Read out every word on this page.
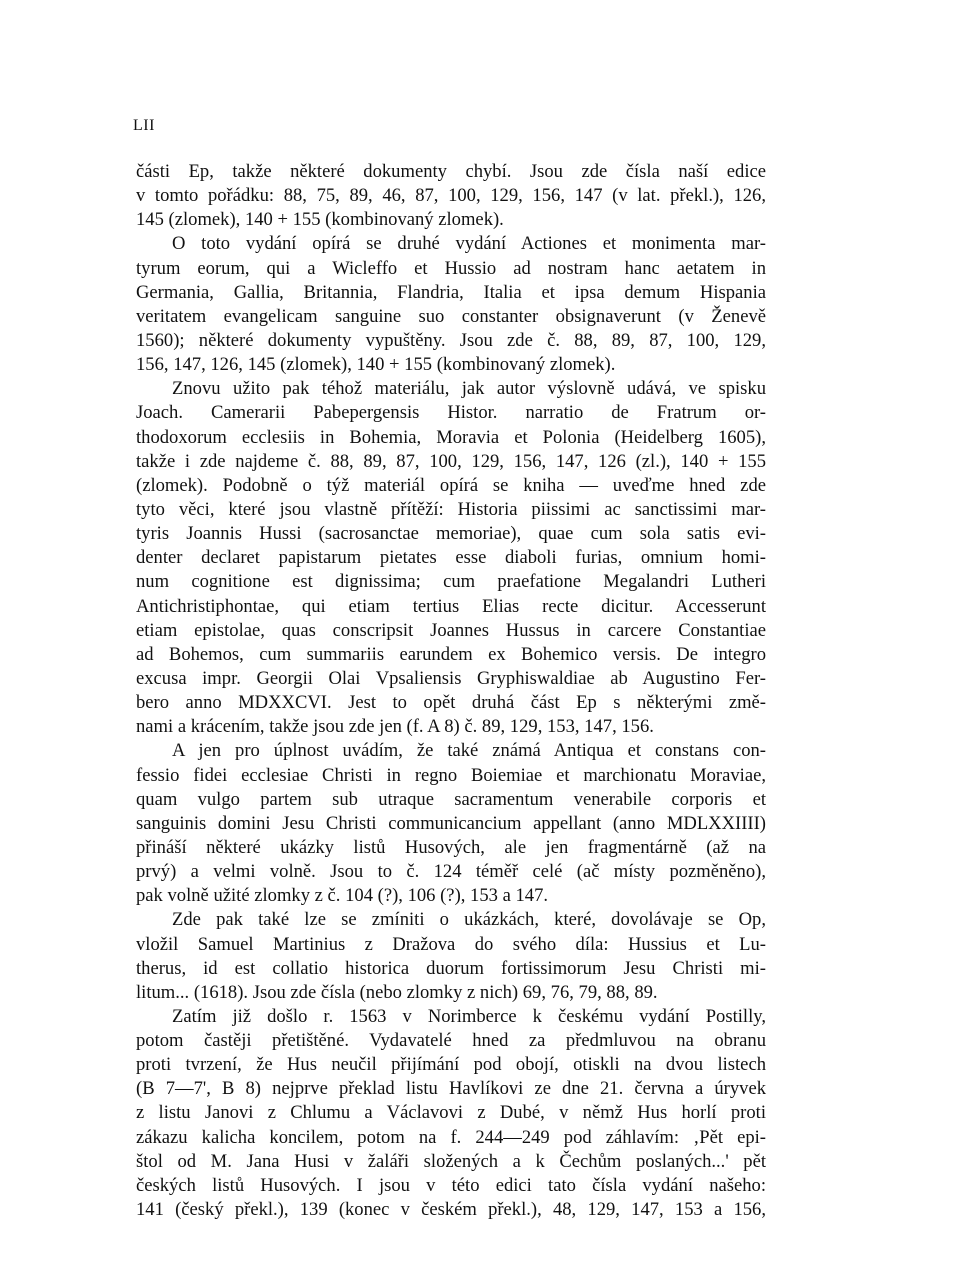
LII
části Ep, takže některé dokumenty chybí. Jsou zde čísla naší edice
v tomto pořádku: 88, 75, 89, 46, 87, 100, 129, 156, 147 (v lat. překl.), 126,
145 (zlomek), 140 + 155 (kombinovaný zlomek).
O toto vydání opírá se druhé vydání Actiones et monimenta mar-
tyrum eorum, qui a Wicleffo et Hussio ad nostram hanc aetatem in
Germania, Gallia, Britannia, Flandria, Italia et ipsa demum Hispania
veritatem evangelicam sanguine suo constanter obsignaverunt (v Ženevě
1560); některé dokumenty vypuštěny. Jsou zde č. 88, 89, 87, 100, 129,
156, 147, 126, 145 (zlomek), 140 + 155 (kombinovaný zlomek).
Znovu užito pak téhož materiálu, jak autor výslovně udává, ve spisku
Joach. Camerarii Pabepergensis Histor. narratio de Fratrum or-
thodoxorum ecclesiis in Bohemia, Moravia et Polonia (Heidelberg 1605),
takže i zde najdeme č. 88, 89, 87, 100, 129, 156, 147, 126 (zl.), 140 + 155
(zlomek). Podobně o týž materiál opírá se kniha — uveďme hned zde
tyto věci, které jsou vlastně přítěží: Historia piissimi ac sanctissimi mar-
tyris Joannis Hussi (sacrosanctae memoriae), quae cum sola satis evi-
denter declaret papistarum pietates esse diaboli furias, omnium homi-
num cognitione est dignissima; cum praefatione Megalandri Lutheri
Antichristiphontae, qui etiam tertius Elias recte dicitur. Accesserunt
etiam epistolae, quas conscripsit Joannes Hussus in carcere Constantiae
ad Bohemos, cum summariis earundem ex Bohemico versis. De integro
excusa impr. Georgii Olai Vpsaliensis Gryphiswaldiae ab Augustino Fer-
bero anno MDXXCVI. Jest to opět druhá část Ep s některými změ-
nami a krácením, takže jsou zde jen (f. A 8) č. 89, 129, 153, 147, 156.
A jen pro úplnost uvádím, že také známá Antiqua et constans con-
fessio fidei ecclesiae Christi in regno Boiemiae et marchionatu Moraviae,
quam vulgo partem sub utraque sacramentum venerabile corporis et
sanguinis domini Jesu Christi communicancium appellant (anno MDLXXIIII)
přináší některé ukázky listů Husových, ale jen fragmentárně (až na
prvý) a velmi volně. Jsou to č. 124 téměř celé (ač místy pozměněno),
pak volně užité zlomky z č. 104 (?), 106 (?), 153 a 147.
Zde pak také lze se zmíniti o ukázkách, které, dovolávaje se Op,
vložil Samuel Martinius z Dražova do svého díla: Hussius et Lu-
therus, id est collatio historica duorum fortissimorum Jesu Christi mi-
litum... (1618). Jsou zde čísla (nebo zlomky z nich) 69, 76, 79, 88, 89.
Zatím již došlo r. 1563 v Norimberce k českému vydání Postilly,
potom častěji přetištěné. Vydavatelé hned za předmluvou na obranu
proti tvrzení, že Hus neučil přijímání pod obojí, otiskli na dvou listech
(B 7—7', B 8) nejprve překlad listu Havlíkovi ze dne 21. června a úryvek
z listu Janovi z Chlumu a Václavovi z Dubé, v němž Hus horlí proti
zákazu kalicha koncilem, potom na f. 244—249 pod záhlavím: ‚Pět epi-
štol od M. Jana Husi v žaláři složených a k Čechům poslaných...' pět
českých listů Husových. I jsou v této edici tato čísla vydání našeho:
141 (český překl.), 139 (konec v českém překl.), 48, 129, 147, 153 a 156,
